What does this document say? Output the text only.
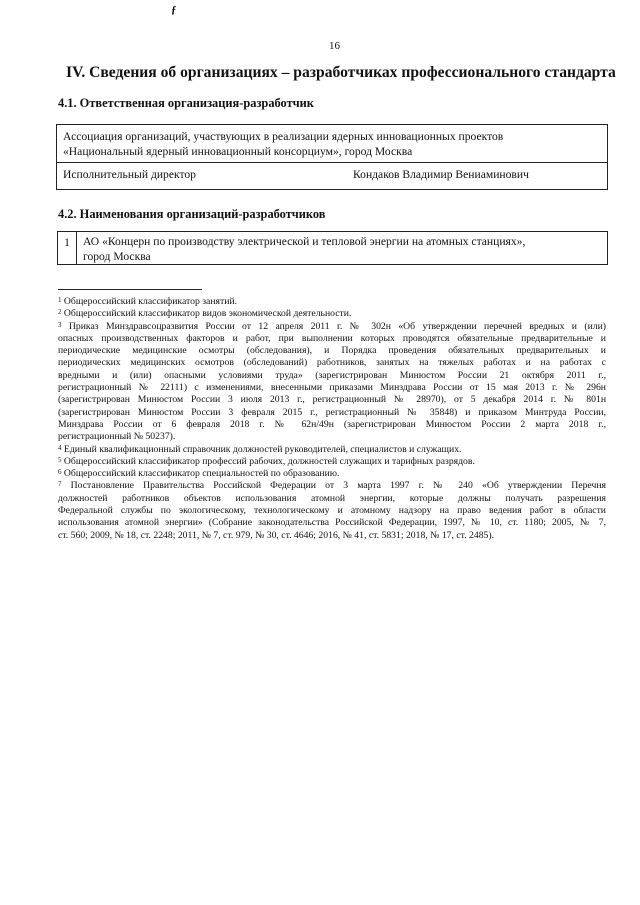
ƒ
16
IV. Сведения об организациях – разработчиках профессионального стандарта
4.1. Ответственная организация-разработчик
Ассоциация организаций, участвующих в реализации ядерных инновационных проектов
«Национальный ядерный инновационный консорциум», город Москва
Исполнительный директор	Кондаков Владимир Вениаминович
4.2. Наименования организаций-разработчиков
1	АО «Концерн по производству электрической и тепловой энергии на атомных станциях»,
город Москва
$^1$ Общероссийский классификатор занятий.
$^2$ Общероссийский классификатор видов экономической деятельности.
$^3$ Приказ Минздравсоцразвития России от 12 апреля 2011 г. № 302н «Об утверждении перечней вредных и (или)
опасных производственных факторов и работ, при выполнении которых проводятся обязательные предварительные и
периодические медицинские осмотры (обследования), и Порядка проведения обязательных предварительных и
периодических медицинских осмотров (обследований) работников, занятых на тяжелых работах и на работах с
вредными и (или) опасными условиями труда» (зарегистрирован Минюстом России 21 октября 2011 г.,
регистрационный № 22111) с изменениями, внесенными приказами Минздрава России от 15 мая 2013 г. № 296н
(зарегистрирован Минюстом России 3 июля 2013 г., регистрационный № 28970), от 5 декабря 2014 г. № 801н
(зарегистрирован Минюстом России 3 февраля 2015 г., регистрационный № 35848) и приказом Минтруда России,
Минздрава России от 6 февраля 2018 г. № 62н/49н (зарегистрирован Минюстом России 2 марта 2018 г.,
регистрационный № 50237).
$^4$ Единый квалификационный справочник должностей руководителей, специалистов и служащих.
$^5$ Общероссийский классификатор профессий рабочих, должностей служащих и тарифных разрядов.
$^6$ Общероссийский классификатор специальностей по образованию.
$^7$ Постановление Правительства Российской Федерации от 3 марта 1997 г. № 240 «Об утверждении Перечня
должностей работников объектов использования атомной энергии, которые должны получать разрешения
Федеральной службы по экологическому, технологическому и атомному надзору на право ведения работ в области
использования атомной энергии» (Собрание законодательства Российской Федерации, 1997, № 10, ст. 1180; 2005, № 7,
ст. 560; 2009, № 18, ст. 2248; 2011, № 7, ст. 979, № 30, ст. 4646; 2016, № 41, ст. 5831; 2018, № 17, ст. 2485).
